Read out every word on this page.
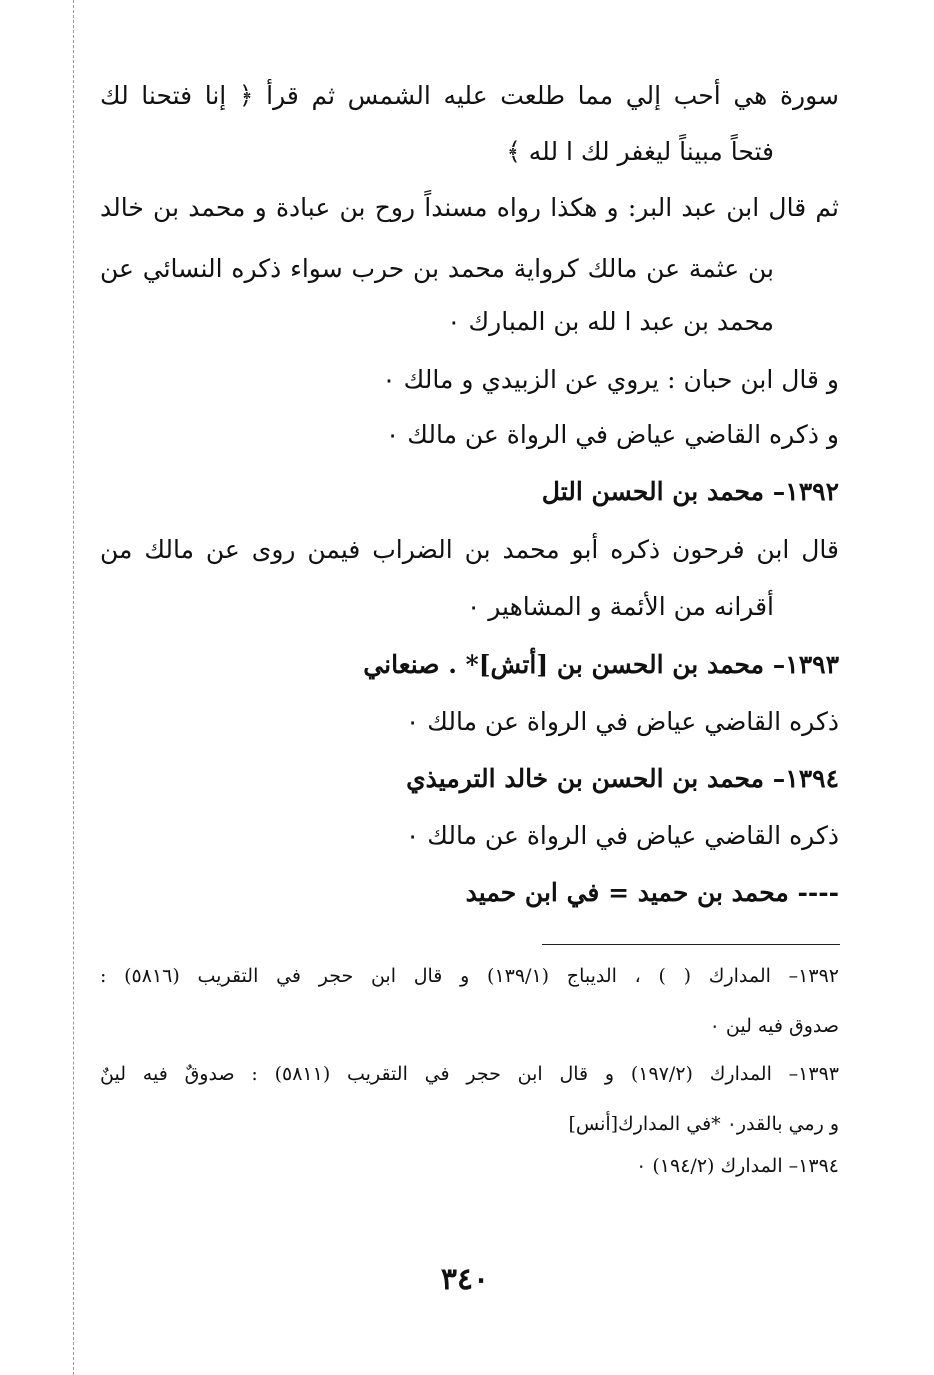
سورة هي أحب إلي مما طلعت عليه الشمس ثم قرأ ﴿ إنا فتحنا لك
فتحاً مبيناً ليغفر لك ا لله ﴾
ثم قال ابن عبد البر: و هكذا رواه مسنداً روح بن عبادة و محمد بن خالد
بن عثمة عن مالك كرواية محمد بن حرب سواء ذكره النسائي عن
محمد بن عبد ا لله بن المبارك ٠
و قال ابن حبان : يروي عن الزبيدي و مالك ٠
و ذكره القاضي عياض في الرواة عن مالك ٠
١٣٩٢– محمد بن الحسن التل
قال ابن فرحون ذكره أبو محمد بن الضراب فيمن روى عن مالك من
أقرانه من الأئمة و المشاهير ٠
١٣٩٣– محمد بن الحسن بن [أتش]* . صنعاني
ذكره القاضي عياض في الرواة عن مالك ٠
١٣٩٤– محمد بن الحسن بن خالد الترميذي
ذكره القاضي عياض في الرواة عن مالك ٠
---- محمد بن حميد = في ابن حميد
١٣٩٢– المدارك ( ) ، الديباج (١٣٩/١) و قال ابن حجر في التقريب (٥٨١٦) :
صدوق فيه لين ٠
١٣٩٣– المدارك (١٩٧/٢) و قال ابن حجر في التقريب (٥٨١١) : صدوقٌ فيه لينٌ
و رمي بالقدر٠ *في المدارك[أنس]
١٣٩٤– المدارك (١٩٤/٢) ٠
٣٤٠
